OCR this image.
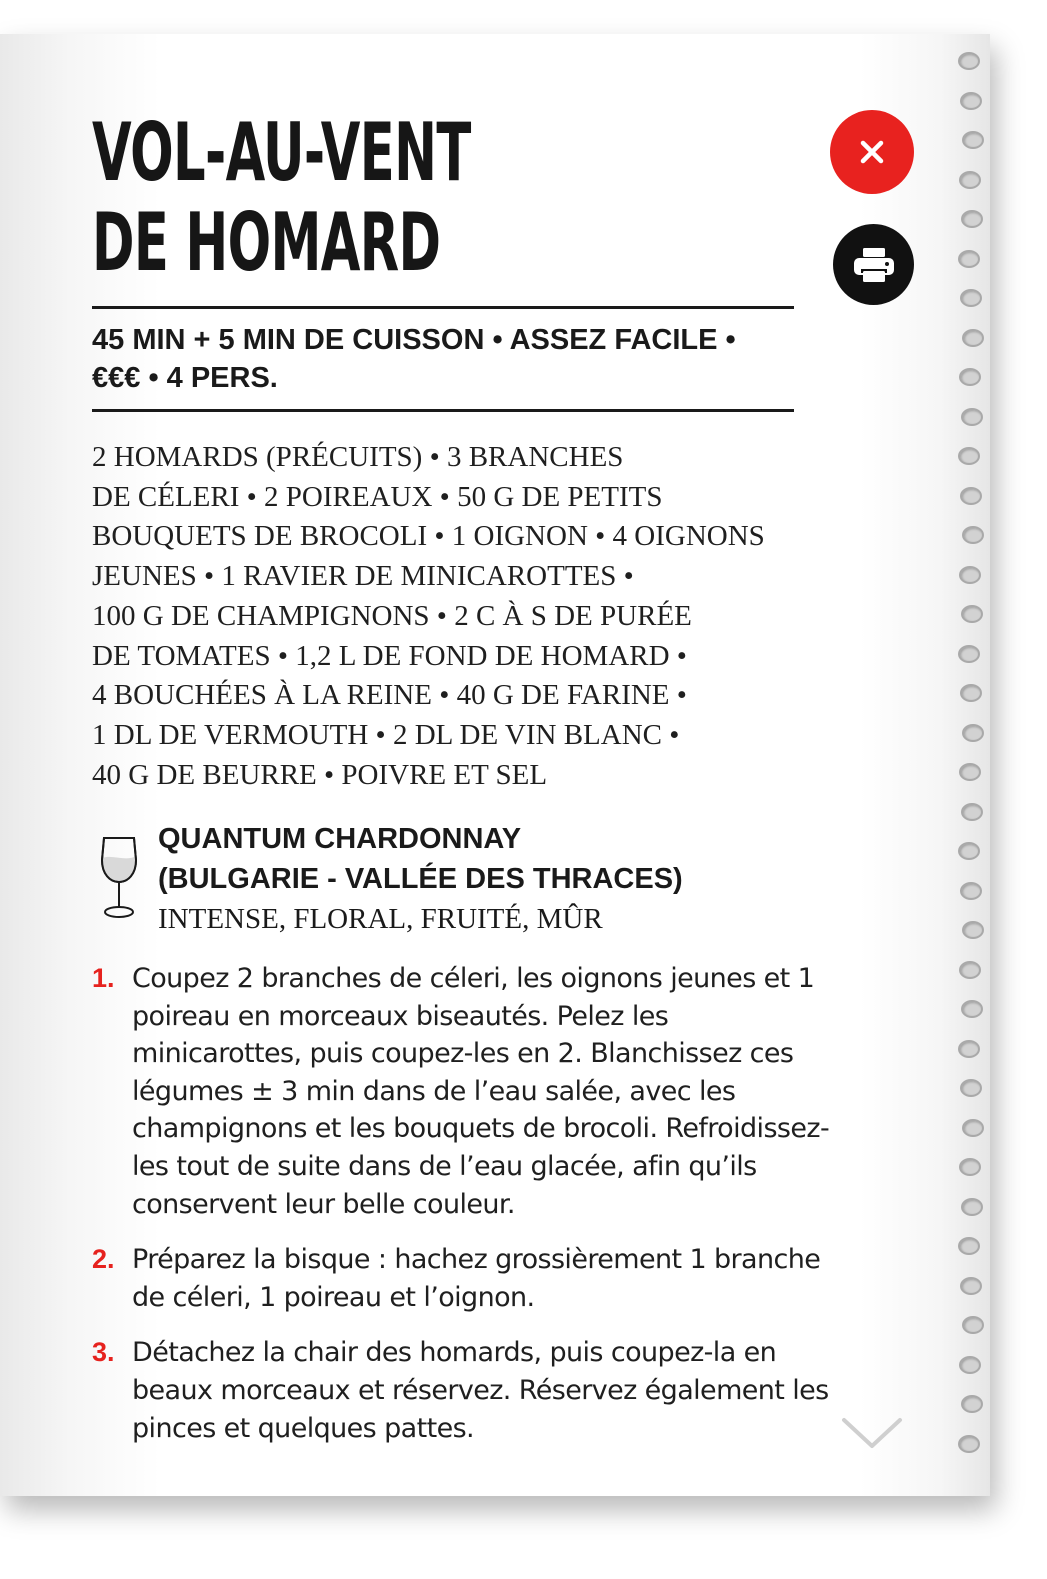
VOL-AU-VENT
DE HOMARD
45 MIN + 5 MIN DE CUISSON • ASSEZ FACILE •
€€€ • 4 PERS.
2 HOMARDS (PRÉCUITS) • 3 BRANCHES
DE CÉLERI • 2 POIREAUX • 50 G DE PETITS
BOUQUETS DE BROCOLI • 1 OIGNON • 4 OIGNONS
JEUNES • 1 RAVIER DE MINICAROTTES •
100 G DE CHAMPIGNONS • 2 C À S DE PURÉE
DE TOMATES • 1,2 L DE FOND DE HOMARD •
4 BOUCHÉES À LA REINE • 40 G DE FARINE •
1 DL DE VERMOUTH • 2 DL DE VIN BLANC •
40 G DE BEURRE • POIVRE ET SEL
QUANTUM CHARDONNAY
(BULGARIE - VALLÉE DES THRACES)
INTENSE, FLORAL, FRUITÉ, MÛR
1. Coupez 2 branches de céleri, les oignons jeunes et 1 poireau en morceaux biseautés. Pelez les minicarottes, puis coupez-les en 2. Blanchissez ces légumes ± 3 min dans de l’eau salée, avec les champignons et les bouquets de brocoli. Refroidissez-les tout de suite dans de l’eau glacée, afin qu’ils conservent leur belle couleur.
2. Préparez la bisque : hachez grossièrement 1 branche de céleri, 1 poireau et l’oignon.
3. Détachez la chair des homards, puis coupez-la en beaux morceaux et réservez. Réservez également les pinces et quelques pattes.
